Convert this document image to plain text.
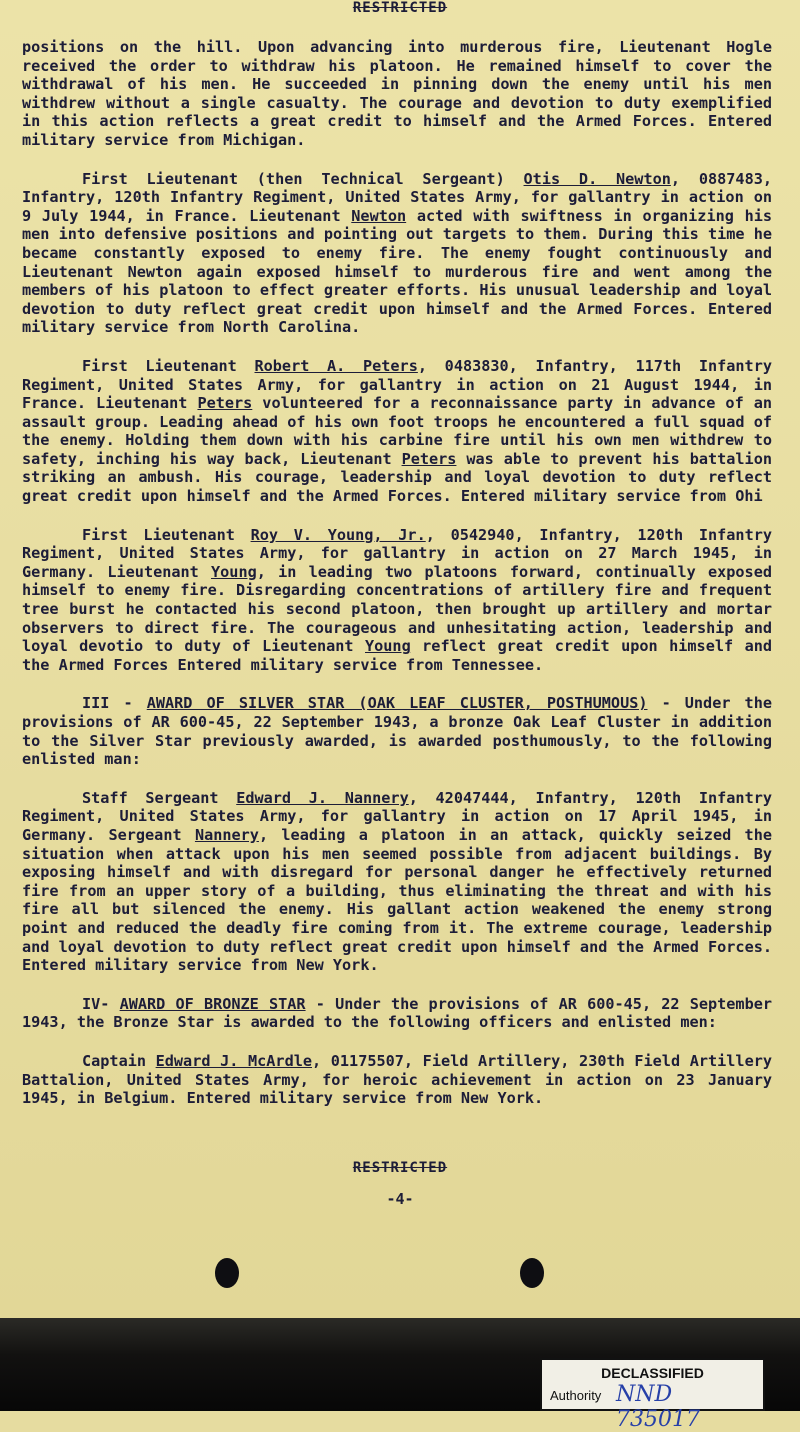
RESTRICTED

positions on the hill. Upon advancing into murderous fire, Lieutenant Hogle received the order to withdraw his platoon. He remained himself to cover the withdrawal of his men. He succeeded in pinning down the enemy until his men withdrew without a single casualty. The courage and devotion to duty exemplified in this action reflects a great credit to himself and the Armed Forces. Entered military service from Michigan.

First Lieutenant (then Technical Sergeant) Otis D. Newton, 0887483, Infantry, 120th Infantry Regiment, United States Army, for gallantry in action on 9 July 1944, in France. Lieutenant Newton acted with swiftness in organizing his men into defensive positions and pointing out targets to them. During this time he became constantly exposed to enemy fire. The enemy fought continuously and Lieutenant Newton again exposed himself to murderous fire and went among the members of his platoon to effect greater efforts. His unusual leadership and loyal devotion to duty reflect great credit upon himself and the Armed Forces. Entered military service from North Carolina.

First Lieutenant Robert A. Peters, 0483830, Infantry, 117th Infantry Regiment, United States Army, for gallantry in action on 21 August 1944, in France. Lieutenant Peters volunteered for a reconnaissance party in advance of an assault group. Leading ahead of his own foot troops he encountered a full squad of the enemy. Holding them down with his carbine fire until his own men withdrew to safety, inching his way back, Lieutenant Peters was able to prevent his battalion striking an ambush. His courage, leadership and loyal devotion to duty reflect great credit upon himself and the Armed Forces. Entered military service from Ohi

First Lieutenant Roy V. Young, Jr., 0542940, Infantry, 120th Infantry Regiment, United States Army, for gallantry in action on 27 March 1945, in Germany. Lieutenant Young, in leading two platoons forward, continually exposed himself to enemy fire. Disregarding concentrations of artillery fire and frequent tree burst he contacted his second platoon, then brought up artillery and mortar observers to direct fire. The courageous and unhesitating action, leadership and loyal devotio to duty of Lieutenant Young reflect great credit upon himself and the Armed Forces Entered military service from Tennessee.

III - AWARD OF SILVER STAR (OAK LEAF CLUSTER, POSTHUMOUS) - Under the provisions of AR 600-45, 22 September 1943, a bronze Oak Leaf Cluster in addition to the Silver Star previously awarded, is awarded posthumously, to the following enlisted man:

Staff Sergeant Edward J. Nannery, 42047444, Infantry, 120th Infantry Regiment, United States Army, for gallantry in action on 17 April 1945, in Germany. Sergeant Nannery, leading a platoon in an attack, quickly seized the situation when attack upon his men seemed possible from adjacent buildings. By exposing himself and with disregard for personal danger he effectively returned fire from an upper story of a building, thus eliminating the threat and with his fire all but silenced the enemy. His gallant action weakened the enemy strong point and reduced the deadly fire coming from it. The extreme courage, leadership and loyal devotion to duty reflect great credit upon himself and the Armed Forces. Entered military service from New York.

IV- AWARD OF BRONZE STAR - Under the provisions of AR 600-45, 22 September 1943, the Bronze Star is awarded to the following officers and enlisted men:

Captain Edward J. McArdle, 01175507, Field Artillery, 230th Field Artillery Battalion, United States Army, for heroic achievement in action on 23 January 1945, in Belgium. Entered military service from New York.

RESTRICTED
-4-
DECLASSIFIED
Authority NND 735017
